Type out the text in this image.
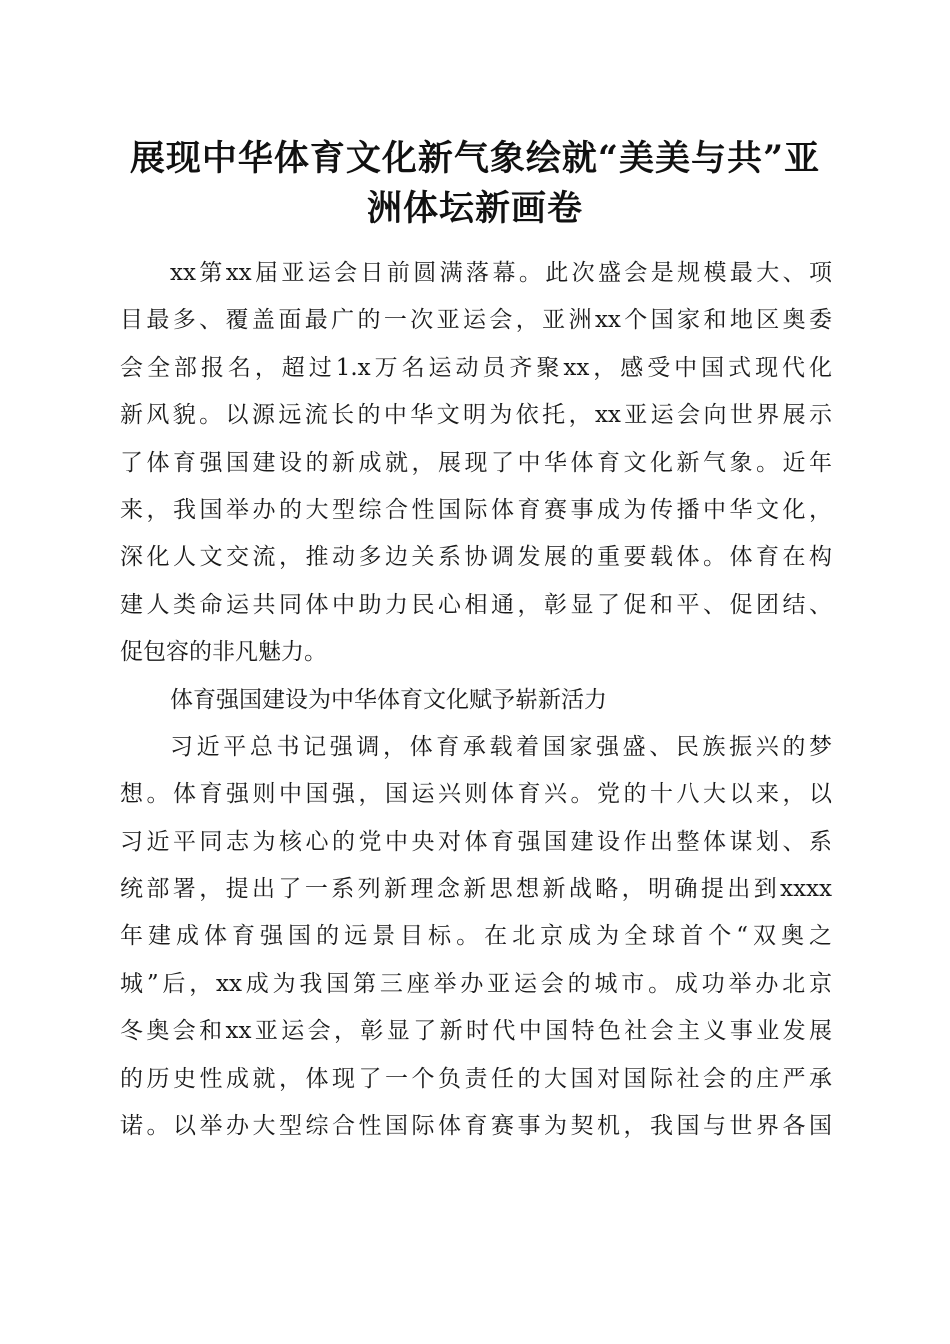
展现中华体育文化新气象绘就“美美与共”亚
洲体坛新画卷
xx第xx届亚运会日前圆满落幕。此次盛会是规模最大、项
目最多、覆盖面最广的一次亚运会，亚洲xx个国家和地区奥委
会全部报名，超过1.x万名运动员齐聚xx，感受中国式现代化
新风貌。以源远流长的中华文明为依托，xx亚运会向世界展示
了体育强国建设的新成就，展现了中华体育文化新气象。近年
来，我国举办的大型综合性国际体育赛事成为传播中华文化，
深化人文交流，推动多边关系协调发展的重要载体。体育在构
建人类命运共同体中助力民心相通，彰显了促和平、促团结、
促包容的非凡魅力。
体育强国建设为中华体育文化赋予崭新活力
习近平总书记强调，体育承载着国家强盛、民族振兴的梦
想。体育强则中国强，国运兴则体育兴。党的十八大以来，以
习近平同志为核心的党中央对体育强国建设作出整体谋划、系
统部署，提出了一系列新理念新思想新战略，明确提出到xxxx
年建成体育强国的远景目标。在北京成为全球首个“双奥之
城”后，xx成为我国第三座举办亚运会的城市。成功举办北京
冬奥会和xx亚运会，彰显了新时代中国特色社会主义事业发展
的历史性成就，体现了一个负责任的大国对国际社会的庄严承
诺。以举办大型综合性国际体育赛事为契机，我国与世界各国
